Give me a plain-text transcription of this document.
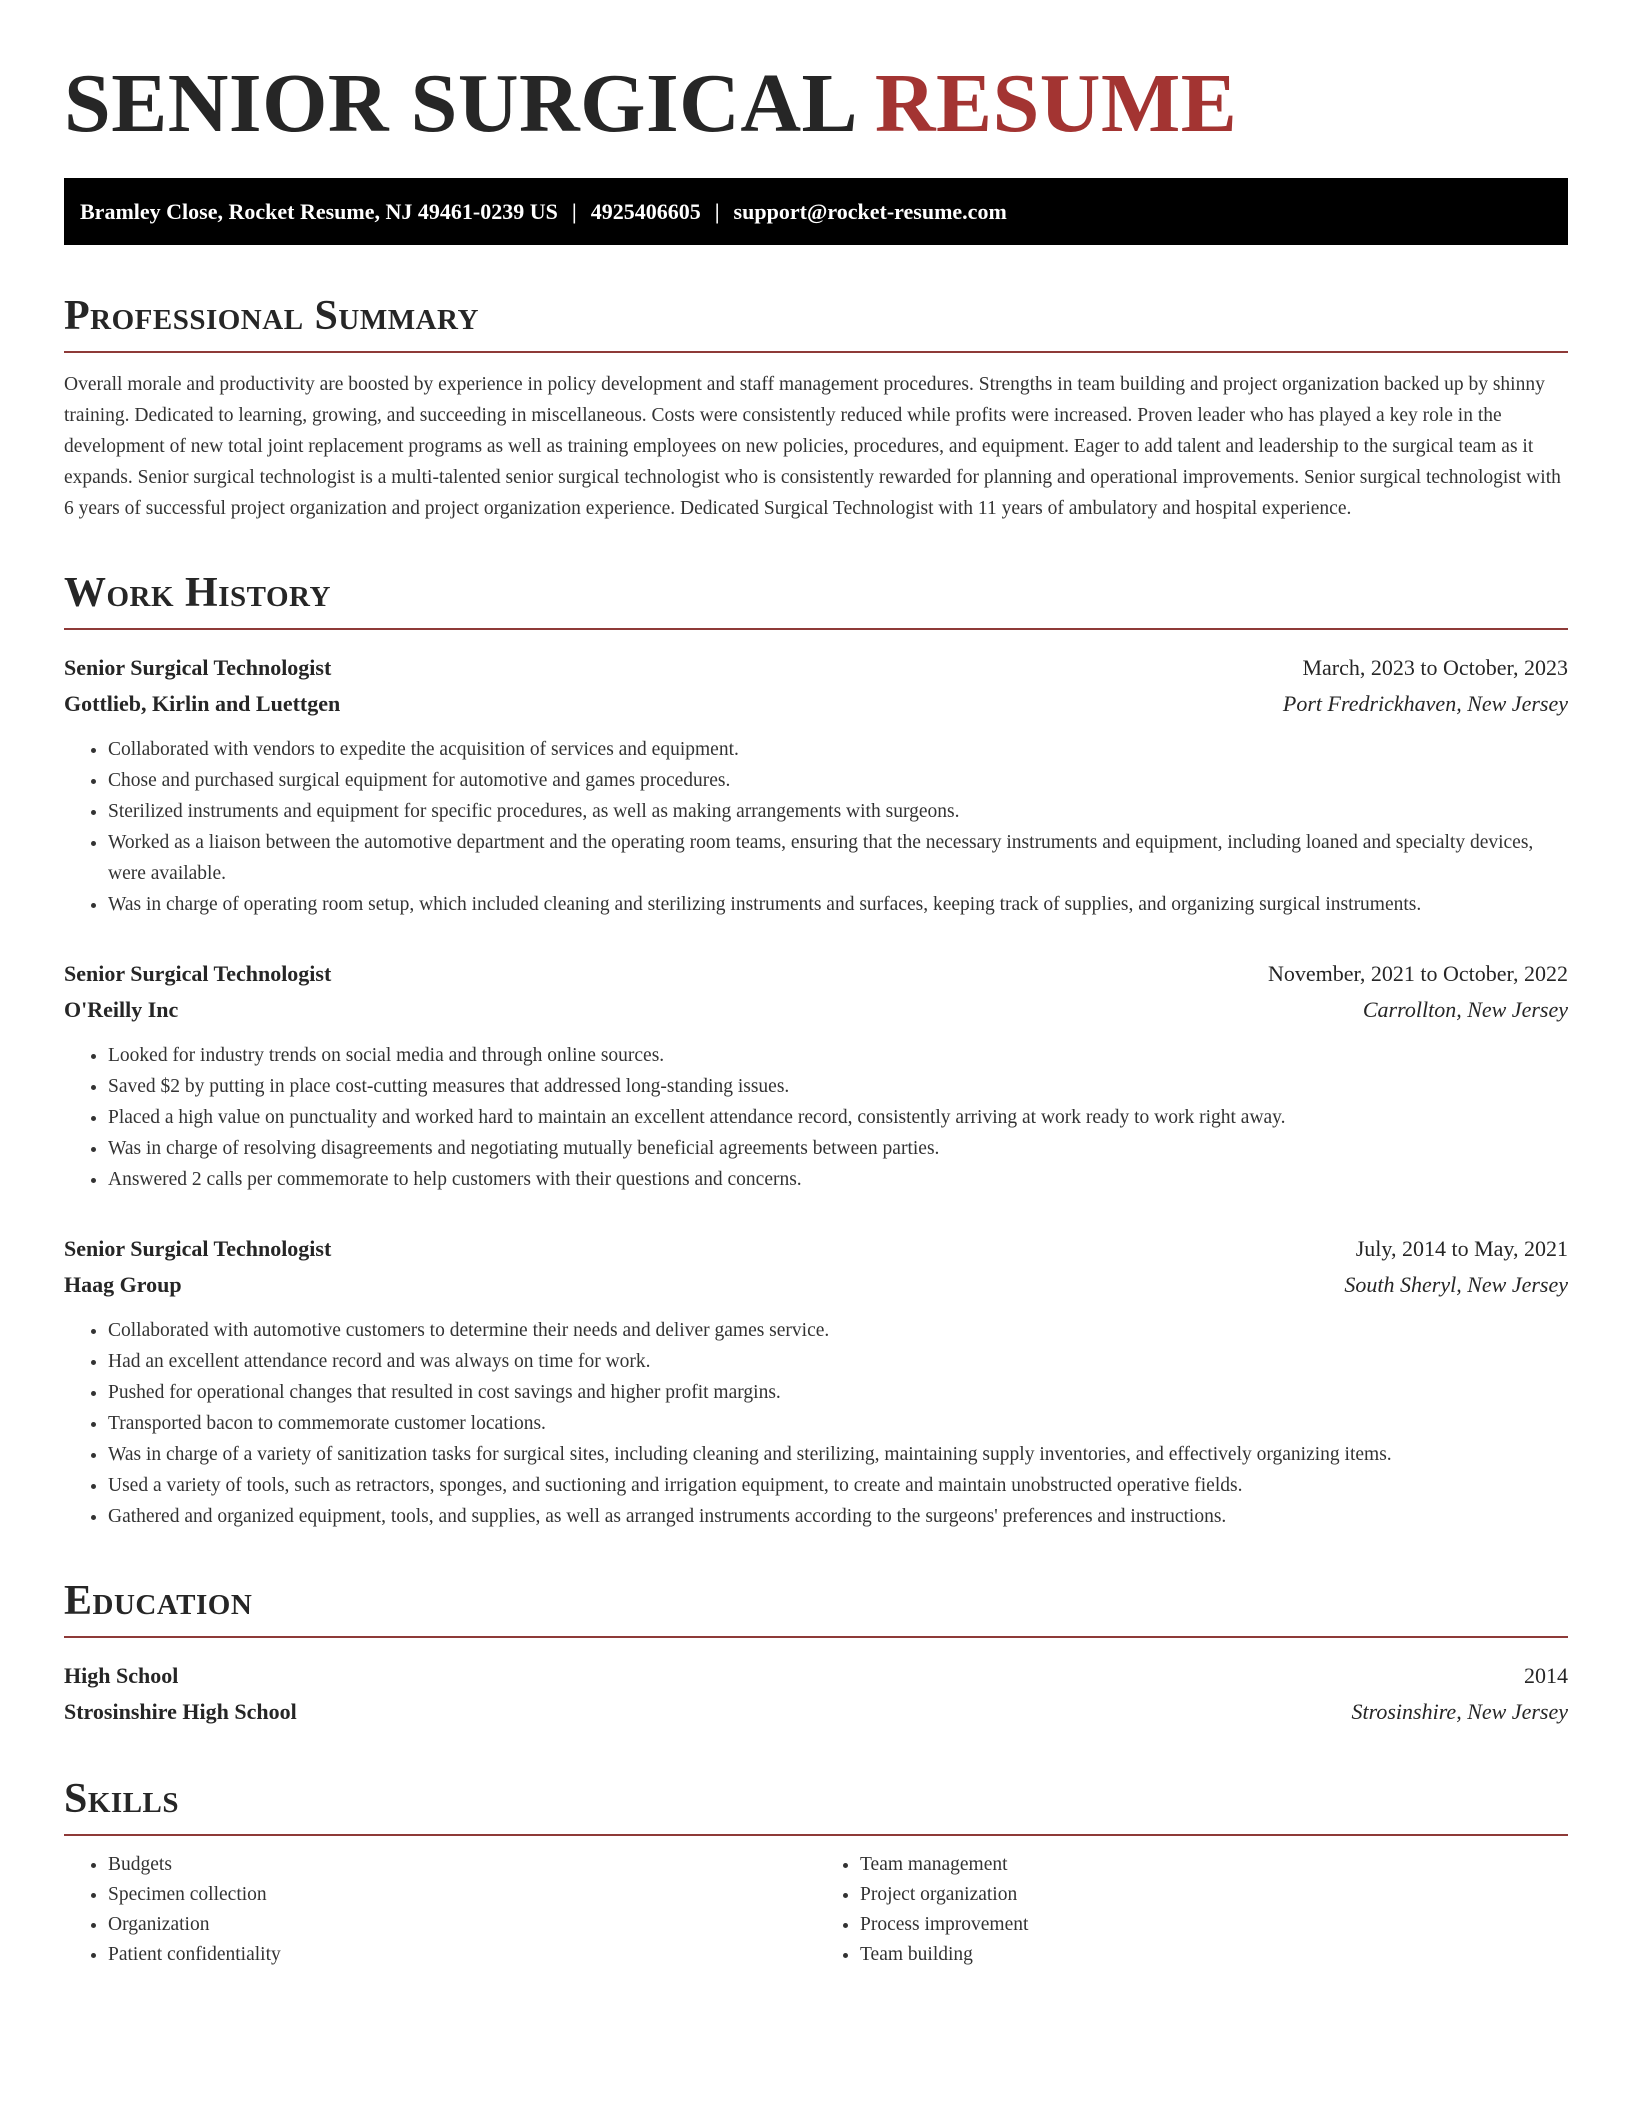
SENIOR SURGICAL RESUME
Bramley Close, Rocket Resume, NJ 49461-0239 US | 4925406605 | support@rocket-resume.com
Professional Summary

Overall morale and productivity are boosted by experience in policy development and staff management procedures. Strengths in team building and project organization backed up by shinny training. Dedicated to learning, growing, and succeeding in miscellaneous. Costs were consistently reduced while profits were increased. Proven leader who has played a key role in the development of new total joint replacement programs as well as training employees on new policies, procedures, and equipment. Eager to add talent and leadership to the surgical team as it expands. Senior surgical technologist is a multi-talented senior surgical technologist who is consistently rewarded for planning and operational improvements. Senior surgical technologist with 6 years of successful project organization and project organization experience. Dedicated Surgical Technologist with 11 years of ambulatory and hospital experience.

Work History
Senior Surgical Technologist	March, 2023 to October, 2023
Gottlieb, Kirlin and Luettgen	Port Fredrickhaven, New Jersey
• Collaborated with vendors to expedite the acquisition of services and equipment.
• Chose and purchased surgical equipment for automotive and games procedures.
• Sterilized instruments and equipment for specific procedures, as well as making arrangements with surgeons.
• Worked as a liaison between the automotive department and the operating room teams, ensuring that the necessary instruments and equipment, including loaned and specialty devices, were available.
• Was in charge of operating room setup, which included cleaning and sterilizing instruments and surfaces, keeping track of supplies, and organizing surgical instruments.
Senior Surgical Technologist	November, 2021 to October, 2022
O'Reilly Inc	Carrollton, New Jersey
• Looked for industry trends on social media and through online sources.
• Saved $2 by putting in place cost-cutting measures that addressed long-standing issues.
• Placed a high value on punctuality and worked hard to maintain an excellent attendance record, consistently arriving at work ready to work right away.
• Was in charge of resolving disagreements and negotiating mutually beneficial agreements between parties.
• Answered 2 calls per commemorate to help customers with their questions and concerns.
Senior Surgical Technologist	July, 2014 to May, 2021
Haag Group	South Sheryl, New Jersey
• Collaborated with automotive customers to determine their needs and deliver games service.
• Had an excellent attendance record and was always on time for work.
• Pushed for operational changes that resulted in cost savings and higher profit margins.
• Transported bacon to commemorate customer locations.
• Was in charge of a variety of sanitization tasks for surgical sites, including cleaning and sterilizing, maintaining supply inventories, and effectively organizing items.
• Used a variety of tools, such as retractors, sponges, and suctioning and irrigation equipment, to create and maintain unobstructed operative fields.
• Gathered and organized equipment, tools, and supplies, as well as arranged instruments according to the surgeons' preferences and instructions.
Education
High School	2014
Strosinshire High School	Strosinshire, New Jersey
Skills
• Budgets
• Specimen collection
• Organization
• Patient confidentiality
• Team management
• Project organization
• Process improvement
• Team building
